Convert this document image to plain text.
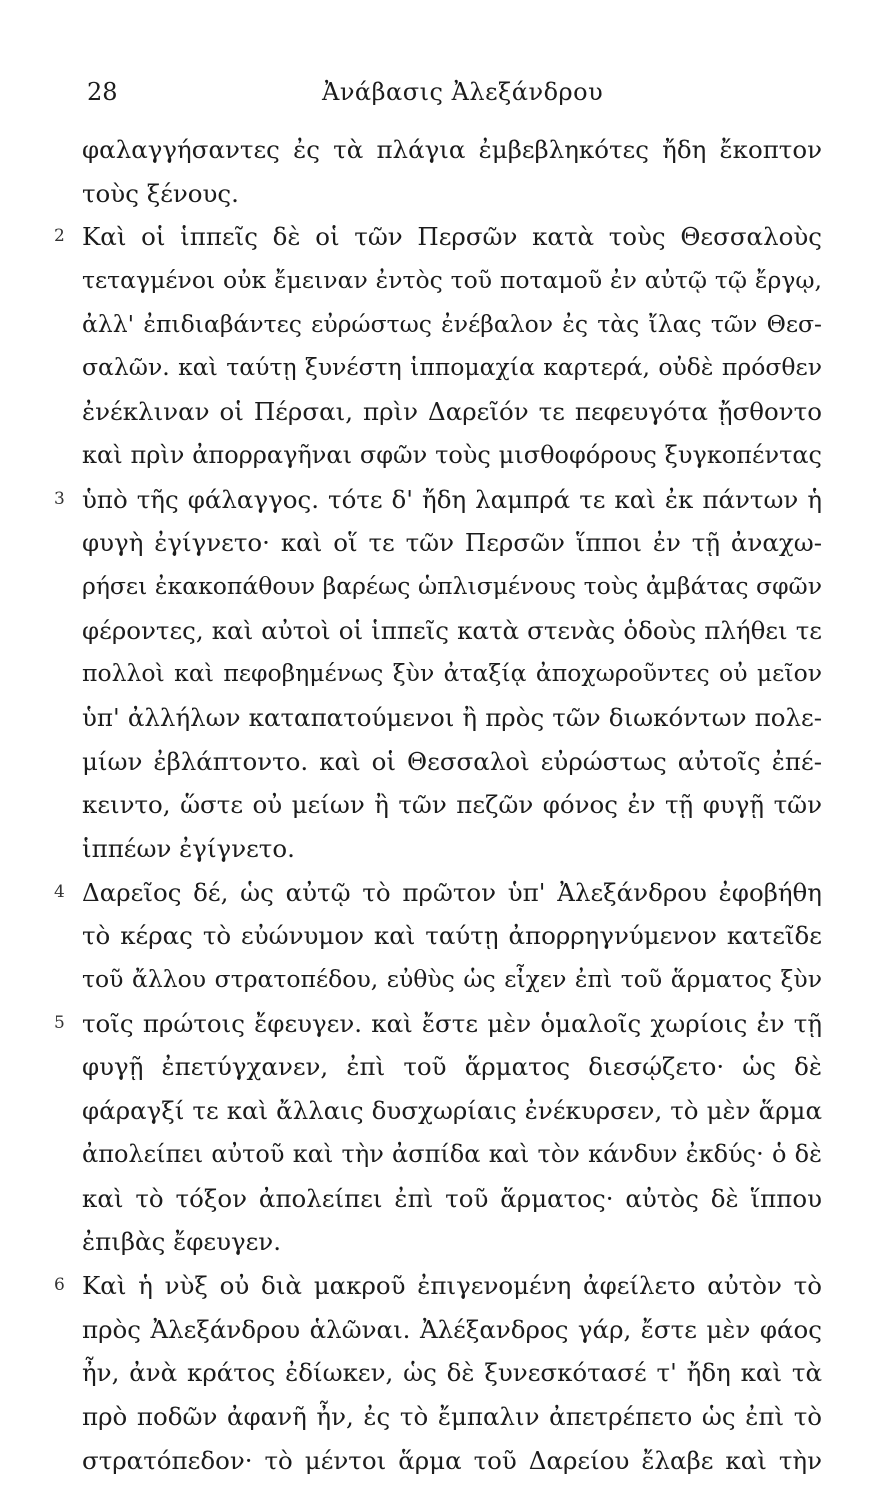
28	Ἀνάβασις Ἀλεξάνδρου
φαλαγγήσαντες ἐς τὰ πλάγια ἐμβεβληκότες ἤδη ἔκοπτον
τοὺς ξένους.
2 Καὶ οἱ ἱππεῖς δὲ οἱ τῶν Περσῶν κατὰ τοὺς Θεσσαλοὺς
τεταγμένοι οὐκ ἔμειναν ἐντὸς τοῦ ποταμοῦ ἐν αὐτῷ τῷ ἔργῳ,
ἀλλ' ἐπιδιαβάντες εὐρώστως ἐνέβαλον ἐς τὰς ἴλας τῶν Θεσ-
σαλῶν. καὶ ταύτῃ ξυνέστη ἱππομαχία καρτερά, οὐδὲ πρόσθεν
ἐνέκλιναν οἱ Πέρσαι, πρὶν Δαρεῖόν τε πεφευγότα ᾔσθοντο
καὶ πρὶν ἀπορραγῆναι σφῶν τοὺς μισθοφόρους ξυγκοπέντας
3 ὑπὸ τῆς φάλαγγος. τότε δ' ἤδη λαμπρά τε καὶ ἐκ πάντων ἡ
φυγὴ ἐγίγνετο· καὶ οἵ τε τῶν Περσῶν ἵπποι ἐν τῇ ἀναχω-
ρήσει ἐκακοπάθουν βαρέως ὡπλισμένους τοὺς ἀμβάτας σφῶν
φέροντες, καὶ αὐτοὶ οἱ ἱππεῖς κατὰ στενὰς ὁδοὺς πλήθει τε
πολλοὶ καὶ πεφοβημένως ξὺν ἀταξίᾳ ἀποχωροῦντες οὐ μεῖον
ὑπ' ἀλλήλων καταπατούμενοι ἢ πρὸς τῶν διωκόντων πολε-
μίων ἐβλάπτοντο. καὶ οἱ Θεσσαλοὶ εὐρώστως αὐτοῖς ἐπέ-
κειντο, ὥστε οὐ μείων ἢ τῶν πεζῶν φόνος ἐν τῇ φυγῇ τῶν
ἱππέων ἐγίγνετο.
4 Δαρεῖος δέ, ὡς αὐτῷ τὸ πρῶτον ὑπ' Ἀλεξάνδρου ἐφοβήθη
τὸ κέρας τὸ εὐώνυμον καὶ ταύτῃ ἀπορρηγνύμενον κατεῖδε
τοῦ ἄλλου στρατοπέδου, εὐθὺς ὡς εἶχεν ἐπὶ τοῦ ἅρματος ξὺν
5 τοῖς πρώτοις ἔφευγεν. καὶ ἔστε μὲν ὁμαλοῖς χωρίοις ἐν τῇ
φυγῇ ἐπετύγχανεν, ἐπὶ τοῦ ἅρματος διεσῴζετο· ὡς δὲ
φάραγξί τε καὶ ἄλλαις δυσχωρίαις ἐνέκυρσεν, τὸ μὲν ἅρμα
ἀπολείπει αὐτοῦ καὶ τὴν ἀσπίδα καὶ τὸν κάνδυν ἐκδύς· ὁ δὲ
καὶ τὸ τόξον ἀπολείπει ἐπὶ τοῦ ἅρματος· αὐτὸς δὲ ἵππου
ἐπιβὰς ἔφευγεν.
6 Καὶ ἡ νὺξ οὐ διὰ μακροῦ ἐπιγενομένη ἀφείλετο αὐτὸν τὸ
πρὸς Ἀλεξάνδρου ἁλῶναι. Ἀλέξανδρος γάρ, ἔστε μὲν φάος
ἦν, ἀνὰ κράτος ἐδίωκεν, ὡς δὲ ξυνεσκότασέ τ' ἤδη καὶ τὰ
πρὸ ποδῶν ἀφανῆ ἦν, ἐς τὸ ἔμπαλιν ἀπετρέπετο ὡς ἐπὶ τὸ
στρατόπεδον· τὸ μέντοι ἅρμα τοῦ Δαρείου ἔλαβε καὶ τὴν
